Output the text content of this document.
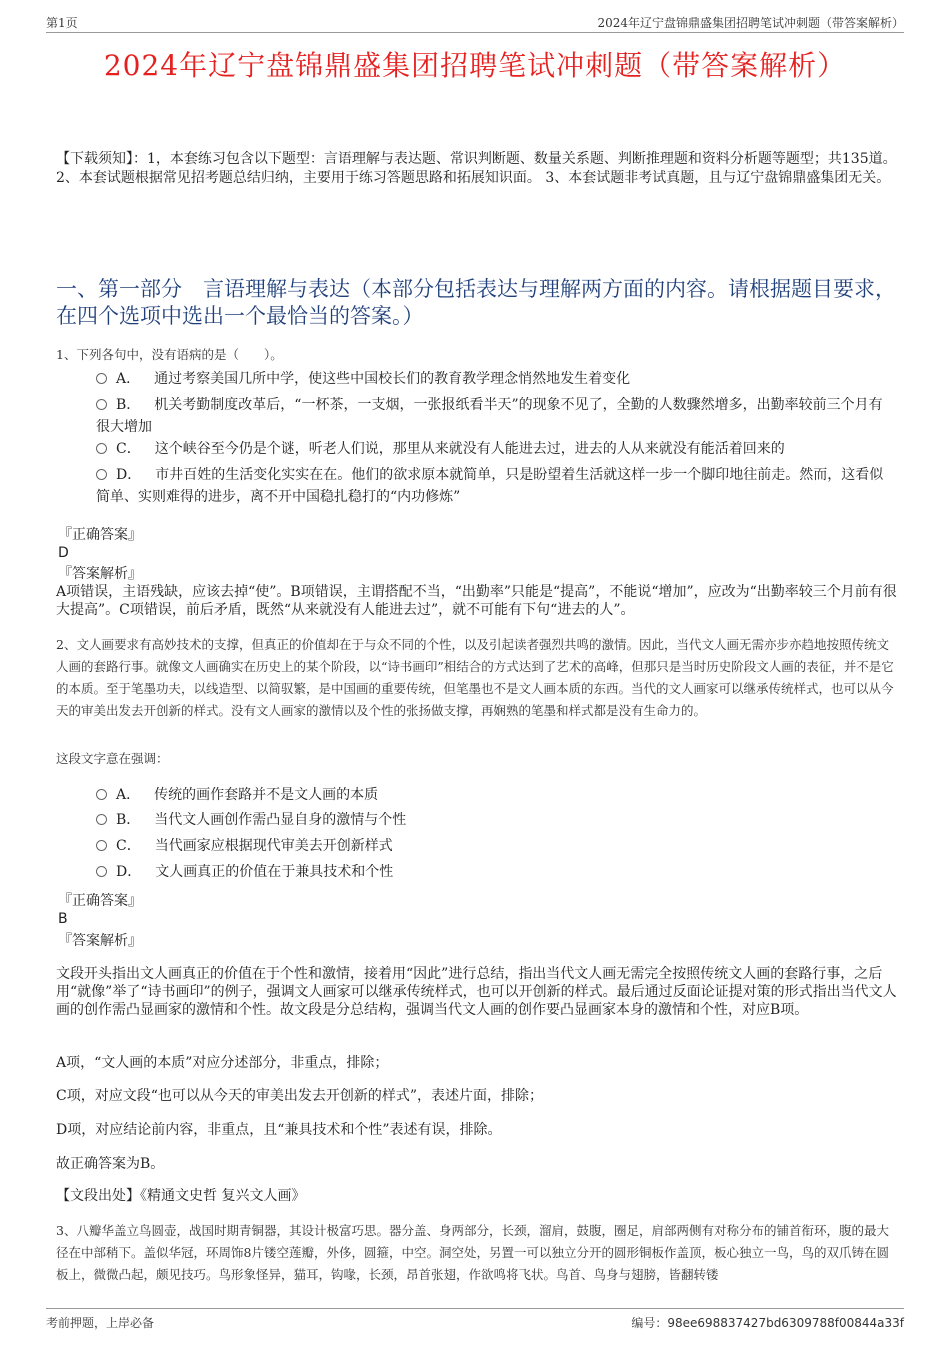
第1页	2024年辽宁盘锦鼎盛集团招聘笔试冲刺题（带答案解析）
2024年辽宁盘锦鼎盛集团招聘笔试冲刺题（带答案解析）
【下载须知】：1，本套练习包含以下题型：言语理解与表达题、常识判断题、数量关系题、判断推理题和资料分析题等题型；共135道。 2、本套试题根据常见招考题总结归纳，主要用于练习答题思路和拓展知识面。 3、本套试题非考试真题，且与辽宁盘锦鼎盛集团无关。
一、第一部分　言语理解与表达（本部分包括表达与理解两方面的内容。请根据题目要求，在四个选项中选出一个最恰当的答案。）
1、下列各句中，没有语病的是（　　）。
A． 通过考察美国几所中学，使这些中国校长们的教育教学理念悄然地发生着变化
B． 机关考勤制度改革后，“一杯茶，一支烟，一张报纸看半天”的现象不见了，全勤的人数骤然增多，出勤率较前三个月有很大增加
C． 这个峡谷至今仍是个谜，听老人们说，那里从来就没有人能进去过，进去的人从来就没有能活着回来的
D． 市井百姓的生活变化实实在在。他们的欲求原本就简单，只是盼望着生活就这样一步一个脚印地往前走。然而，这看似简单、实则难得的进步，离不开中国稳扎稳打的“内功修炼”
『正确答案』
D
『答案解析』
A项错误，主语残缺，应该去掉“使”。B项错误，主谓搭配不当，“出勤率”只能是“提高”，不能说“增加”，应改为“出勤率较三个月前有很大提高”。C项错误，前后矛盾，既然“从来就没有人能进去过”，就不可能有下句“进去的人”。
2、文人画要求有高妙技术的支撑，但真正的价值却在于与众不同的个性，以及引起读者强烈共鸣的激情。因此，当代文人画无需亦步亦趋地按照传统文人画的套路行事。就像文人画确实在历史上的某个阶段，以“诗书画印”相结合的方式达到了艺术的高峰，但那只是当时历史阶段文人画的表征，并不是它的本质。至于笔墨功夫，以线造型、以简驭繁，是中国画的重要传统，但笔墨也不是文人画本质的东西。当代的文人画家可以继承传统样式，也可以从今天的审美出发去开创新的样式。没有文人画家的激情以及个性的张扬做支撑，再娴熟的笔墨和样式都是没有生命力的。
这段文字意在强调：
A． 传统的画作套路并不是文人画的本质
B． 当代文人画创作需凸显自身的激情与个性
C． 当代画家应根据现代审美去开创新样式
D． 文人画真正的价值在于兼具技术和个性
『正确答案』
B
『答案解析』
文段开头指出文人画真正的价值在于个性和激情，接着用“因此”进行总结，指出当代文人画无需完全按照传统文人画的套路行事，之后用“就像”举了“诗书画印”的例子，强调文人画家可以继承传统样式，也可以开创新的样式。最后通过反面论证提对策的形式指出当代文人画的创作需凸显画家的激情和个性。故文段是分总结构，强调当代文人画的创作要凸显画家本身的激情和个性，对应B项。
A项，“文人画的本质”对应分述部分，非重点，排除；
C项，对应文段“也可以从今天的审美出发去开创新的样式”，表述片面，排除；
D项，对应结论前内容，非重点，且“兼具技术和个性”表述有误，排除。
故正确答案为B。
【文段出处】《精通文史哲 复兴文人画》
3、八瓣华盖立鸟圆壶，战国时期青铜器，其设计极富巧思。器分盖、身两部分，长颈，溜肩，鼓腹，圈足，肩部两侧有对称分布的铺首衔环，腹的最大径在中部稍下。盖似华冠，环周饰8片镂空莲瓣，外侈，圆箍，中空。洞空处，另置一可以独立分开的圆形铜板作盖顶，板心独立一鸟，鸟的双爪铸在圆板上，微微凸起，颇见技巧。鸟形象怪异，猫耳，钩喙，长颈，昂首张翅，作欲鸣将飞状。鸟首、鸟身与翅膀，皆翻转镂
考前押题，上岸必备	编号：98ee698837427bd6309788f00844a33f
